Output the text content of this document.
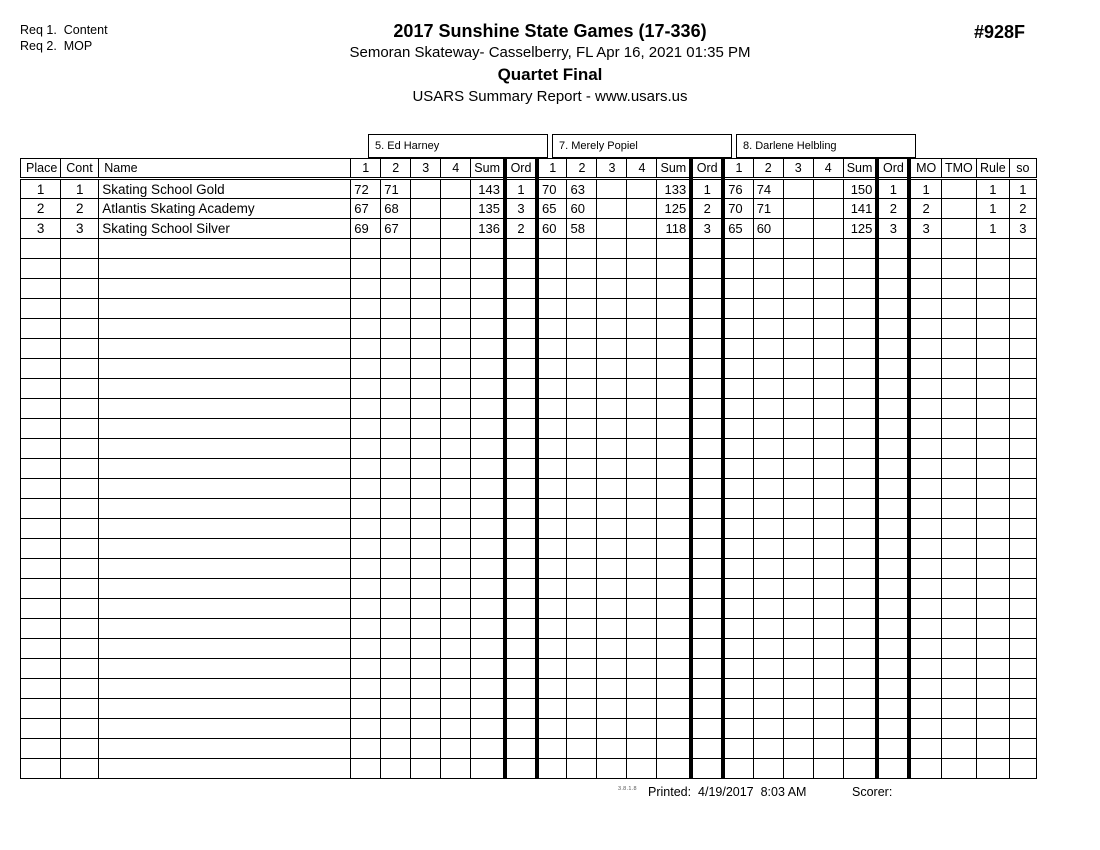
Req 1.  Content
Req 2.  MOP
2017 Sunshine State Games (17-336)
Semoran Skateway- Casselberry, FL Apr 16, 2021 01:35 PM
Quartet Final
USARS Summary Report - www.usars.us
#928F
5. Ed Harney	7. Merely Popiel	8. Darlene Helbling
Place	Cont	Name	1	2	3	4	Sum	Ord	1	2	3	4	Sum	Ord	1	2	3	4	Sum	Ord	MO	TMO	Rule	so
1	1	Skating School Gold	72	71			143	1	70	63			133	1	76	74			150	1	1		1	1
2	2	Atlantis Skating Academy	67	68			135	3	65	60			125	2	70	71			141	2	2		1	2
3	3	Skating School Silver	69	67			136	2	60	58			118	3	65	60			125	3	3		1	3

3.8.1.8 Printed:  4/19/2017  8:03 AM	Scorer:
